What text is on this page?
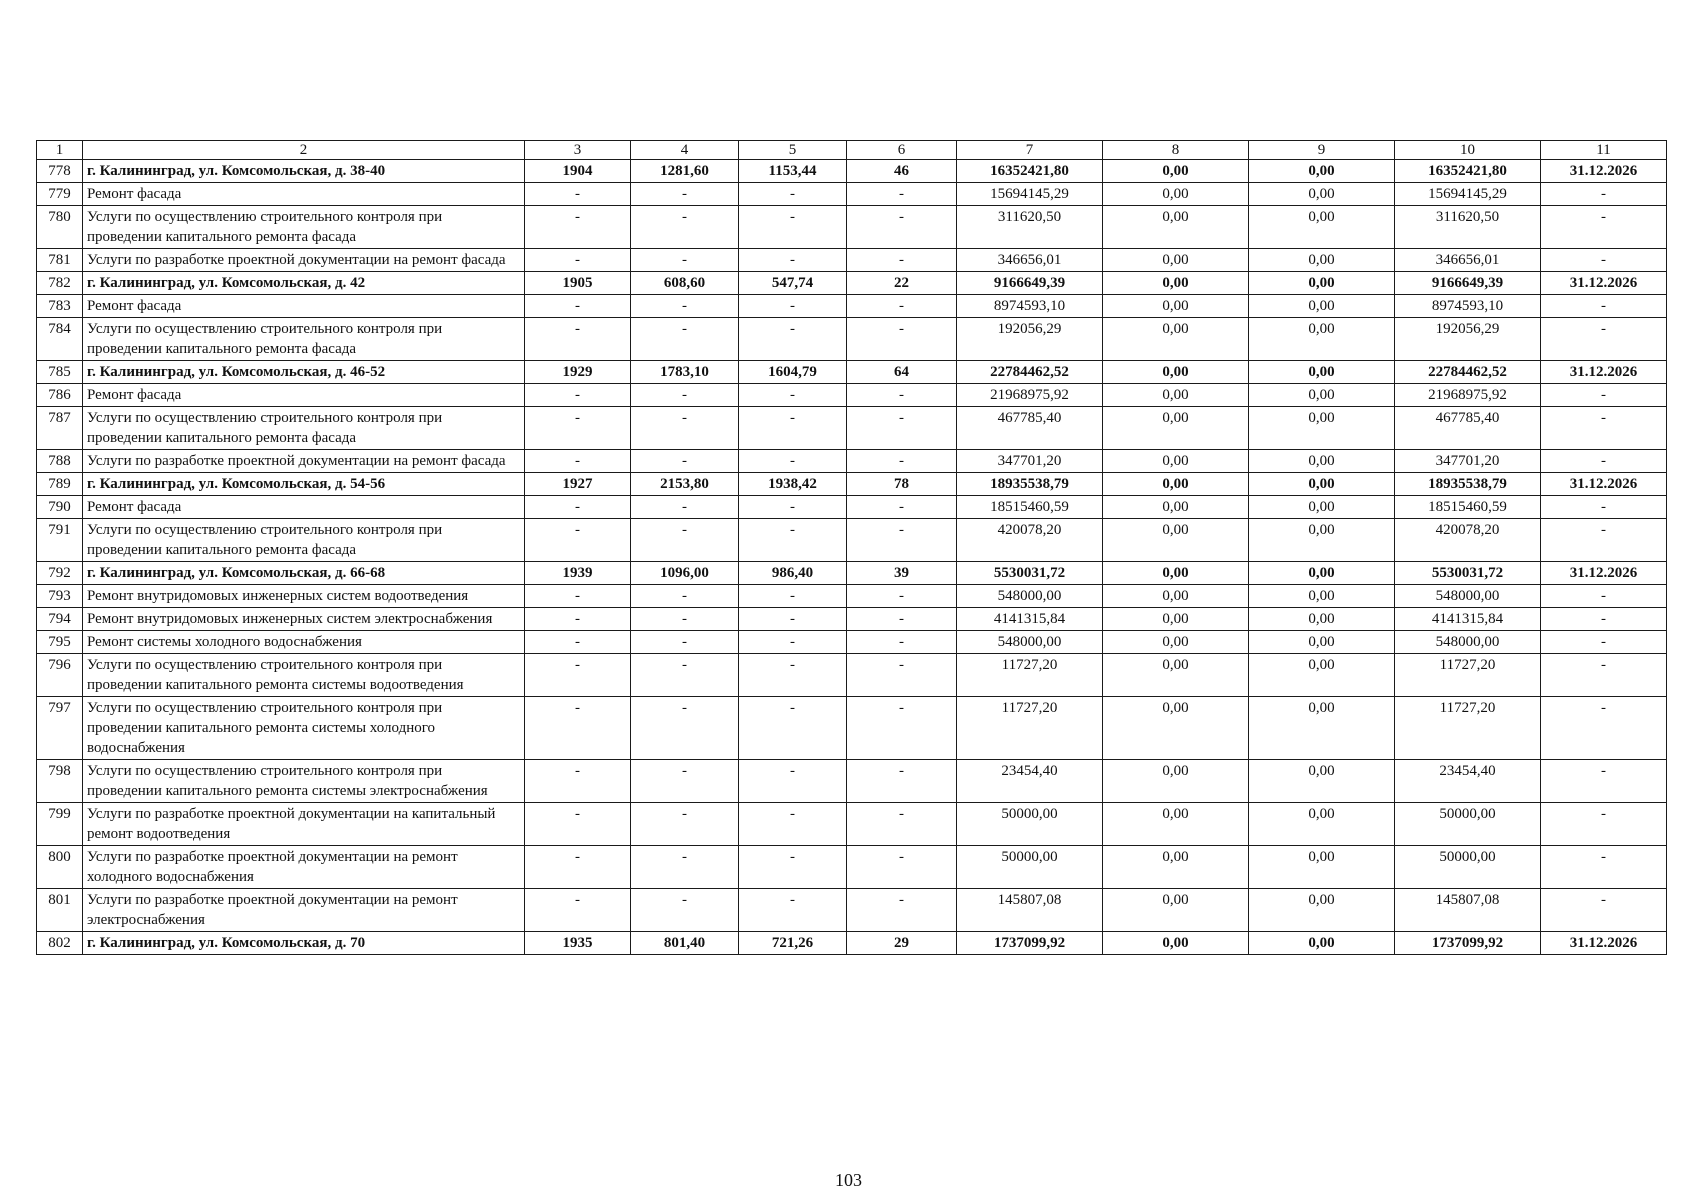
1	2	3	4	5	6	7	8	9	10	11
778	г. Калининград, ул. Комсомольская, д. 38-40	1904	1281,60	1153,44	46	16352421,80	0,00	0,00	16352421,80	31.12.2026
779	Ремонт фасада	-	-	-	-	15694145,29	0,00	0,00	15694145,29	-
780	Услуги по осуществлению строительного контроля при проведении капитального ремонта фасада	-	-	-	-	311620,50	0,00	0,00	311620,50	-
781	Услуги по разработке проектной документации на ремонт фасада	-	-	-	-	346656,01	0,00	0,00	346656,01	-
782	г. Калининград, ул. Комсомольская, д. 42	1905	608,60	547,74	22	9166649,39	0,00	0,00	9166649,39	31.12.2026
783	Ремонт фасада	-	-	-	-	8974593,10	0,00	0,00	8974593,10	-
784	Услуги по осуществлению строительного контроля при проведении капитального ремонта фасада	-	-	-	-	192056,29	0,00	0,00	192056,29	-
785	г. Калининград, ул. Комсомольская, д. 46-52	1929	1783,10	1604,79	64	22784462,52	0,00	0,00	22784462,52	31.12.2026
786	Ремонт фасада	-	-	-	-	21968975,92	0,00	0,00	21968975,92	-
787	Услуги по осуществлению строительного контроля при проведении капитального ремонта фасада	-	-	-	-	467785,40	0,00	0,00	467785,40	-
788	Услуги по разработке проектной документации на ремонт фасада	-	-	-	-	347701,20	0,00	0,00	347701,20	-
789	г. Калининград, ул. Комсомольская, д. 54-56	1927	2153,80	1938,42	78	18935538,79	0,00	0,00	18935538,79	31.12.2026
790	Ремонт фасада	-	-	-	-	18515460,59	0,00	0,00	18515460,59	-
791	Услуги по осуществлению строительного контроля при проведении капитального ремонта фасада	-	-	-	-	420078,20	0,00	0,00	420078,20	-
792	г. Калининград, ул. Комсомольская, д. 66-68	1939	1096,00	986,40	39	5530031,72	0,00	0,00	5530031,72	31.12.2026
793	Ремонт внутридомовых инженерных систем водоотведения	-	-	-	-	548000,00	0,00	0,00	548000,00	-
794	Ремонт внутридомовых инженерных систем электроснабжения	-	-	-	-	4141315,84	0,00	0,00	4141315,84	-
795	Ремонт системы холодного водоснабжения	-	-	-	-	548000,00	0,00	0,00	548000,00	-
796	Услуги по осуществлению строительного контроля при проведении капитального ремонта системы водоотведения	-	-	-	-	11727,20	0,00	0,00	11727,20	-
797	Услуги по осуществлению строительного контроля при проведении капитального ремонта системы холодного водоснабжения	-	-	-	-	11727,20	0,00	0,00	11727,20	-
798	Услуги по осуществлению строительного контроля при проведении капитального ремонта системы электроснабжения	-	-	-	-	23454,40	0,00	0,00	23454,40	-
799	Услуги по разработке проектной документации на капитальный ремонт водоотведения	-	-	-	-	50000,00	0,00	0,00	50000,00	-
800	Услуги по разработке проектной документации на ремонт холодного водоснабжения	-	-	-	-	50000,00	0,00	0,00	50000,00	-
801	Услуги по разработке проектной документации на ремонт электроснабжения	-	-	-	-	145807,08	0,00	0,00	145807,08	-
802	г. Калининград, ул. Комсомольская, д. 70	1935	801,40	721,26	29	1737099,92	0,00	0,00	1737099,92	31.12.2026
103
